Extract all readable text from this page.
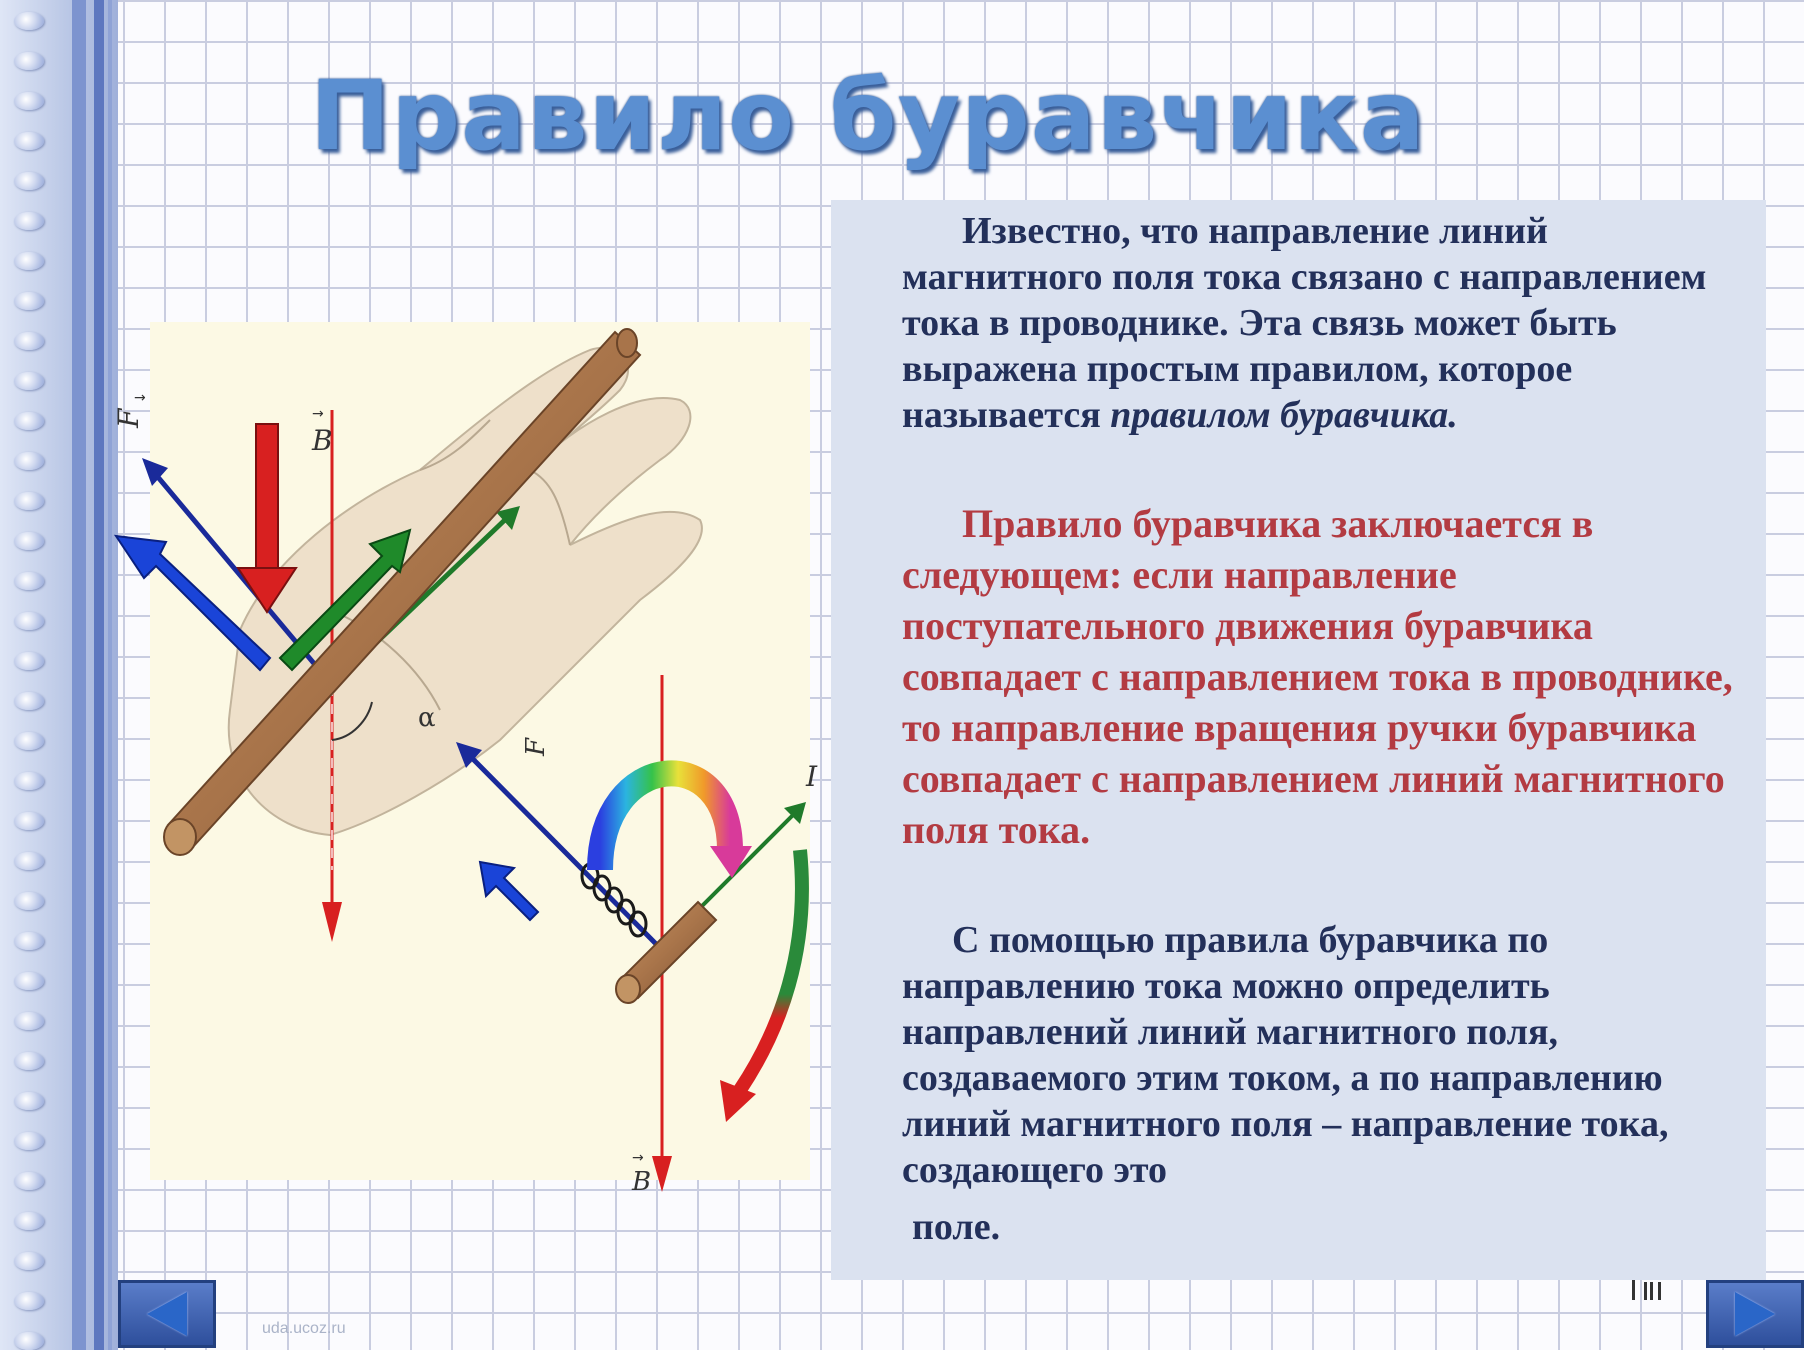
Правило буравчика

Известно, что направление линий магнитного поля тока связано с направлением тока в проводнике. Эта связь может быть выражена простым правилом, которое называется правилом буравчика.

Правило буравчика заключается в следующем: если направление поступательного движения буравчика совпадает с направлением тока в проводнике, то направление вращения ручки буравчика совпадает с направлением линий магнитного поля тока.

С помощью правила буравчика по направлению тока можно определить направлений линий магнитного поля, создаваемого этим током, а по направлению линий магнитного поля – направление тока, создающего это

поле.

α
F
→
B
→
F
I
B
→

uda.ucoz.ru
